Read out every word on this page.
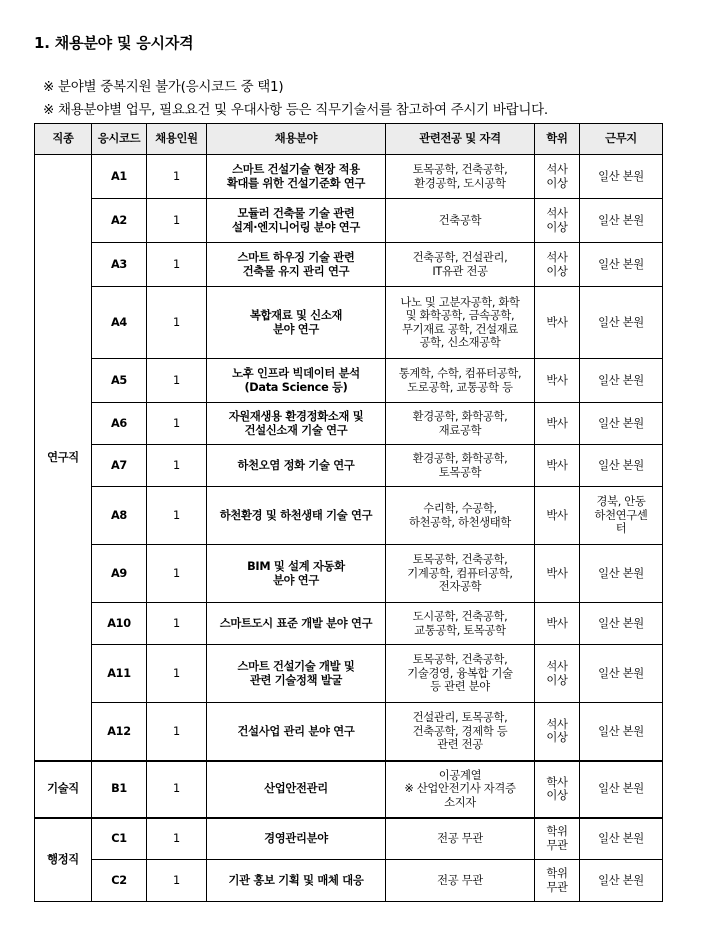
1. 채용분야 및 응시자격

※ 분야별 중복지원 불가(응시코드 중 택1)

※ 채용분야별 업무, 필요요건 및 우대사항 등은 직무기술서를 참고하여 주시기 바랍니다.

직종	응시코드	채용인원	채용분야	관련전공 및 자격	학위	근무지
연구직	A1	1	스마트 건설기술 현장 적용
확대를 위한 건설기준화 연구	토목공학, 건축공학,
환경공학, 도시공학	석사
이상	일산 본원
	A2	1	모듈러 건축물 기술 관련
설계·엔지니어링 분야 연구	건축공학	석사
이상	일산 본원
	A3	1	스마트 하우징 기술 관련
건축물 유지 관리 연구	건축공학, 건설관리,
IT유관 전공	석사
이상	일산 본원
	A4	1	복합재료 및 신소재
분야 연구	나노 및 고분자공학, 화학
및 화학공학, 금속공학,
무기재료 공학, 건설재료
공학, 신소재공학	박사	일산 본원
	A5	1	노후 인프라 빅데이터 분석
(Data Science 등)	통계학, 수학, 컴퓨터공학,
도로공학, 교통공학 등	박사	일산 본원
	A6	1	자원재생용 환경정화소재 및
건설신소재 기술 연구	환경공학, 화학공학,
재료공학	박사	일산 본원
	A7	1	하천오염 정화 기술 연구	환경공학, 화학공학,
토목공학	박사	일산 본원
	A8	1	하천환경 및 하천생태 기술 연구	수리학, 수공학,
하천공학, 하천생태학	박사	경북, 안동
하천연구센
터
	A9	1	BIM 및 설계 자동화
분야 연구	토목공학, 건축공학,
기계공학, 컴퓨터공학,
전자공학	박사	일산 본원
	A10	1	스마트도시 표준 개발 분야 연구	도시공학, 건축공학,
교통공학, 토목공학	박사	일산 본원
	A11	1	스마트 건설기술 개발 및
관련 기술정책 발굴	토목공학, 건축공학,
기술경영, 융복합 기술
등 관련 분야	석사
이상	일산 본원
	A12	1	건설사업 관리 분야 연구	건설관리, 토목공학,
건축공학, 경제학 등
관련 전공	석사
이상	일산 본원
기술직	B1	1	산업안전관리	이공계열
※ 산업안전기사 자격증
소지자	학사
이상	일산 본원
행정직	C1	1	경영관리분야	전공 무관	학위
무관	일산 본원
	C2	1	기관 홍보 기획 및 매체 대응	전공 무관	학위
무관	일산 본원
